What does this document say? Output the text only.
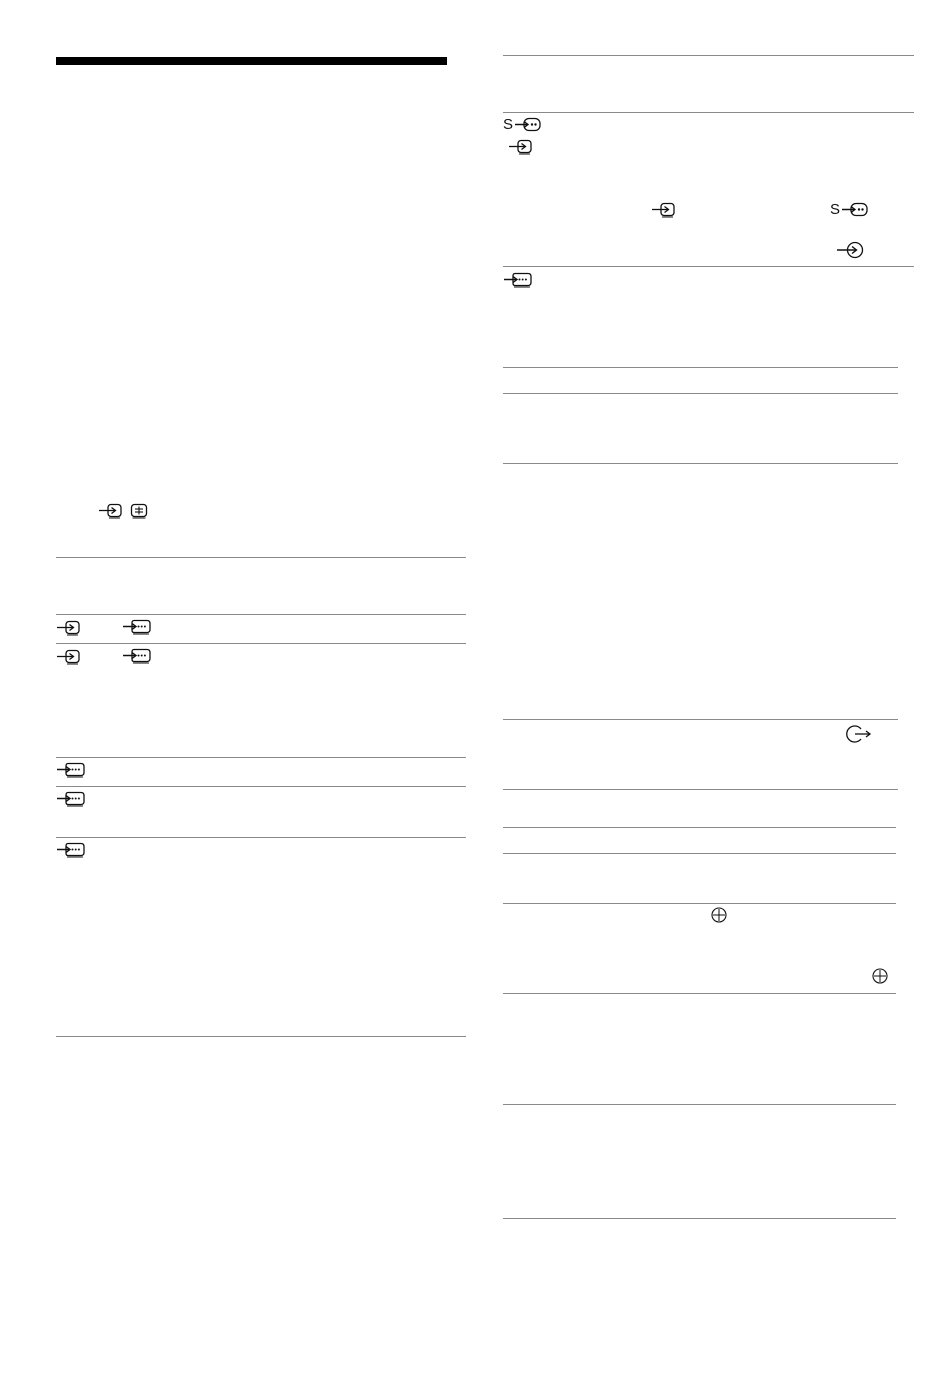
S
S
